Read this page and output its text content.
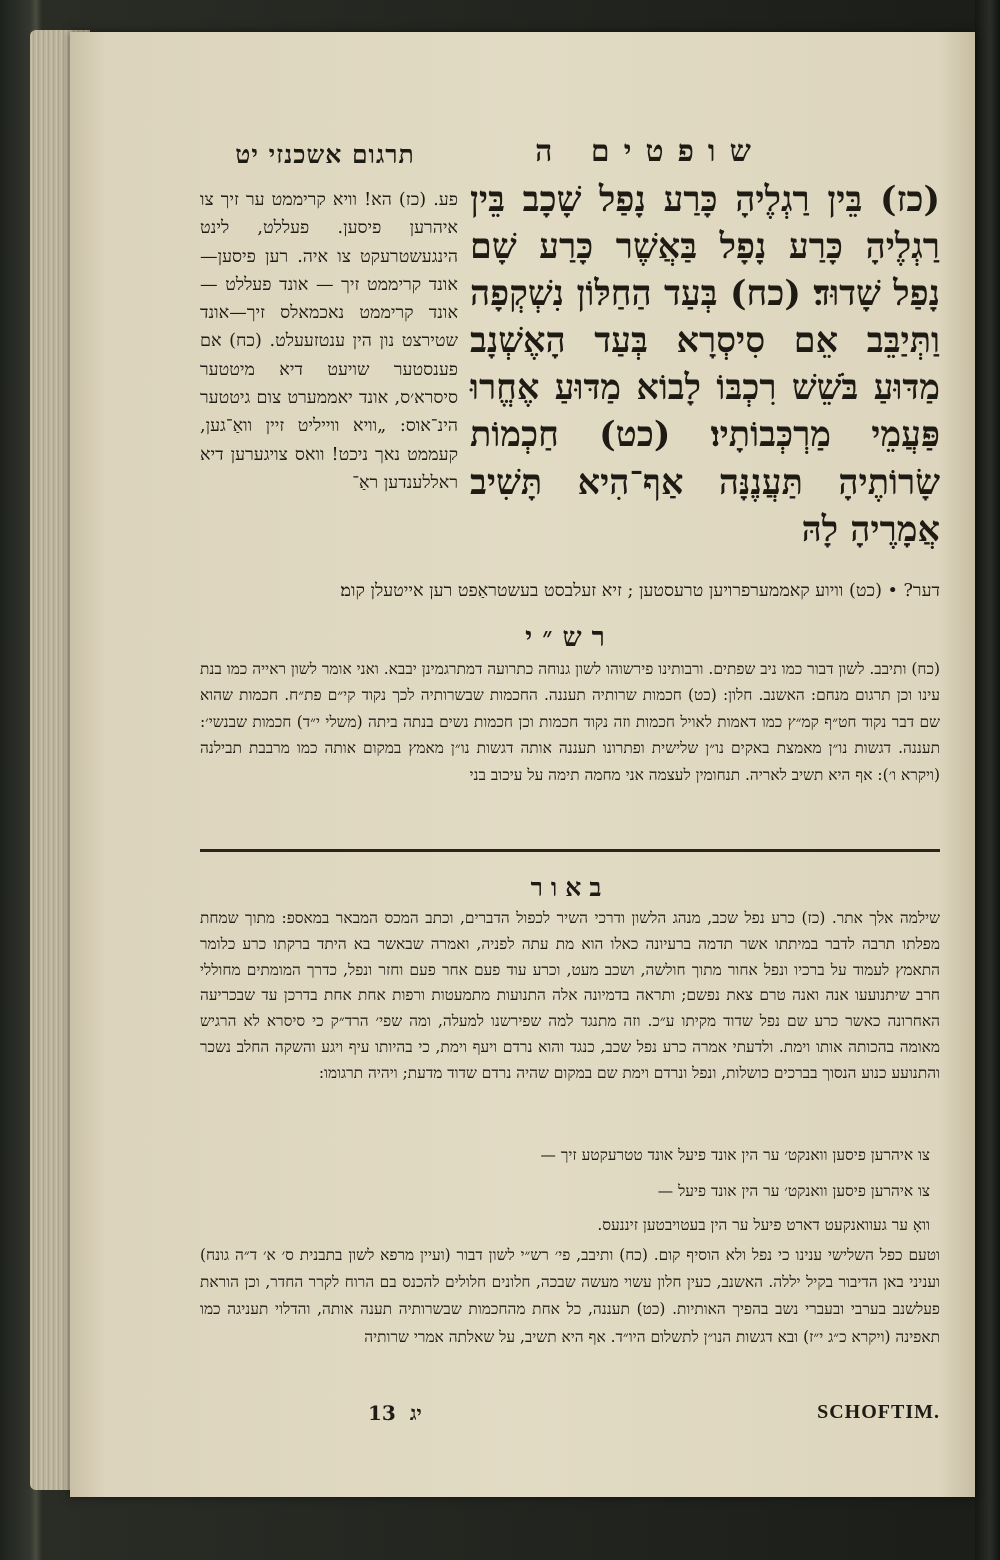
תרגום אשכנזי יט	שופטים ה
פע. (כז) הא! וויא קריממט ער זיך צו איהרען פיסען. פעללט, לינט הינגעשטרעקט צו איה. רען פיסען—אונד קריממט זיך — אונד פעללט — אונד קריממט נאכמאלס זיך—אונד שטירצט נון הין ענטזעעלט. (כח) אם פענסטער שויעט דיא מיטטער סיסרא׳ס, אונד יאממערט צום גיטטער הינ־אוס: „וויא ווייליט זיין וואַ־גען, קעממט נאך ניכט! וואס צויגערען דיא ראללענדען ראַ־
(כז) בֵּין רַגְלֶיהָ כָּרַע נָפַל שָׁכָב בֵּין רַגְלֶיהָ כָּרַע נָפָל בַּאֲשֶׁר כָּרַע שָׁם נָפַל שָׁדוּד׃ (כח) בְּעַד הַחַלּוֹן נִשְׁקְפָה וַתְּיַבֵּב אֵם סִיסְרָא בְּעַד הָאֶשְׁנָב מַדּוּעַ בֹּשֵׁשׁ רִכְבּוֹ לָבוֹא מַדּוּעַ אֶחֱרוּ פַּעֲמֵי מַרְכְּבוֹתָיו׃ (כט) חַכְמוֹת שָׂרוֹתֶיהָ תַּעֲנֶנָּה אַף־הִיא תָּשִׁיב אֲמָרֶיהָ לָהּ
דער? • (כט) וויוע קאממערפרויען טרעסטען ; זיא זעלבסט בעשטראַפט רען אייטעלן קומ׃
רש״י
(כח) ותיבב. לשון דבור כמו ניב שפתים. ורבותינו פירשוהו לשון גנוחה כתרועה דמתרגמינן יבבא. ואני אומר לשון ראייה כמו בנת עינו וכן תרגום מנחם: האשנב. חלון: (כט) חכמות שרותיה תעננה. החכמות שבשרותיה לכך נקוד קי״ם פת״ח. חכמות שהוא שם דבר נקוד חט״ף קמ״ץ כמו דאמות לאויל חכמות וזה נקוד חכמות וכן חכמות נשים בנתה ביתה (משלי י״ד) חכמות שבנשי׳: תעננה. דגשות נו״ן מאמצת באקים נו״ן שלישית ופתרונו תעננה אותה דגשות נו״ן מאמץ במקום אותה כמו מרבבת תבילנה (ויקרא ו׳): אף היא תשיב לאריה. תנחומין לעצמה אני מחמה תימה על עיכוב בני
באור
שילמה אלך אתר. (כז) כרע נפל שכב, מנהג הלשון ודרכי השיר לכפול הדברים, וכתב המכס המבאר במאספ: מתוך שמחת מפלתו תרבה לדבר במיתתו אשר תדמה ברעיונה כאלו הוא מת עתה לפניה, ואמרה שבאשר בא היתד ברקתו כרע כלומר התאמץ לעמוד על ברכיו ונפל אחור מתוך חולשה, ושכב מעט, וכרע עוד פעם אחר פעם וחזר ונפל, כדרך המומתים מחוללי חרב שיתנועעו אנה ואנה טרם צאת נפשם; ותראה בדמיונה אלה התנועות מתמעטות ורפות אחת אחת בדרכן עד שבכריעה האחרונה כאשר כרע שם נפל שדוד מקיתו ע״כ. וזה מתנגד למה שפירשנו למעלה, ומה שפי׳ הרד״ק כי סיסרא לא הרגיש מאומה בהכותה אותו וימת. ולדעתי אמרה כרע נפל שכב, כנגד והוא נרדם ויעף וימת, כי בהיותו עיף ויגע והשקה החלב נשכר והתנועע כנוע הנסוך בברכים כושלות, ונפל ונרדם וימת שם במקום שהיה נרדם שדוד מדעת; ויהיה תרגומו:
צו איהרען פיסען וואנקט׳ ער הין אונד פיעל אונד טטרעקטע זיך —
צו איהרען פיסען וואנקט׳ ער הין אונד פיעל —
וואָ ער געוואנקעט דארט פיעל ער הין בעטויבטען זיננעס.
וטעם כפל השלישי ענינו כי נפל ולא הוסיף קום. (כח) ותיבב, פי׳ רש״י לשון דבור (ועיין מרפא לשון בתבנית ס׳ א׳ ד״ה גונח) ועניני באן הדיבור בקיל יללה. האשנב, כעין חלון עשוי מעשה שבכה, חלונים חלולים להכנס בם הרוח לקרר החדר, וכן הוראת פעלשנב בערבי ובעברי נשב בהפיך האותיות. (כט) תעננה, כל אחת מהחכמות שבשרותיה תענה אותה, והדלוי תעניגה כמו תאפינה (ויקרא כ״ג י״ז) ובא דגשות הנו״ן לתשלום היו״ד. אף היא תשיב, על שאלתה אמרי שרותיה
13 יג	SCHOFTIM.
